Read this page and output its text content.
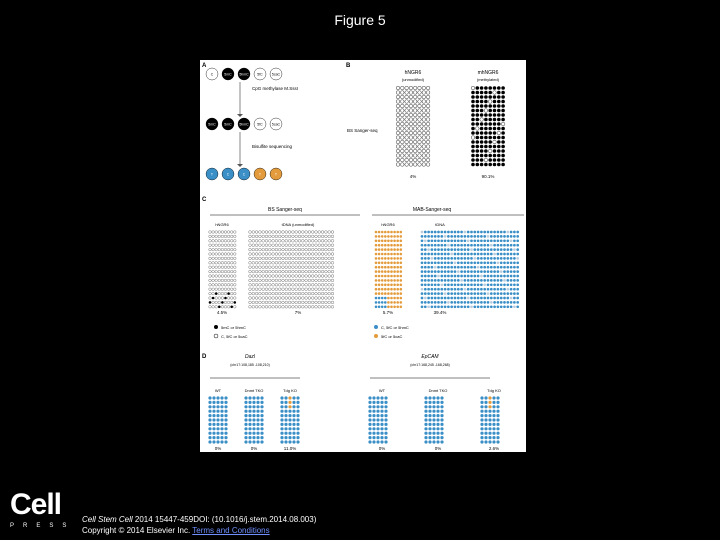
Figure 5
A	B
C
D
C	5mC 5hmC 5fC	5caC
CpG methylase M.SssI
5mC 5mC 5hmC 5fC	5caC
Bisulfite sequencing
T	C	C	T	T
hNGR6
(unmodified)
mhNGR6
(methylated)
BS Sanger-seq
4%	90.1%
BS Sanger-seq	MAB-Sanger-seq
hNGR6	tDNA (unmodified)	hNGR6	tDNA
4.5%	7%	5.7%	39.4%
5mC or 5hmC
C, 5fC or 5caC
C, 5fC or 5hmC
5fC or 5caC
Dazl
(chr17:108,185 -108,210)
EpCAM
(chr17:168,245 -168,268)
WT	Dnmt TKO	Tdg KO	WT	Dnmt TKO	Tdg KO
0%	0%	11.0%	0%	0%	2.6%
Cell
PRESS
Cell Stem Cell 2014 15447-459DOI: (10.1016/j.stem.2014.08.003)
Copyright © 2014 Elsevier Inc. Terms and Conditions
